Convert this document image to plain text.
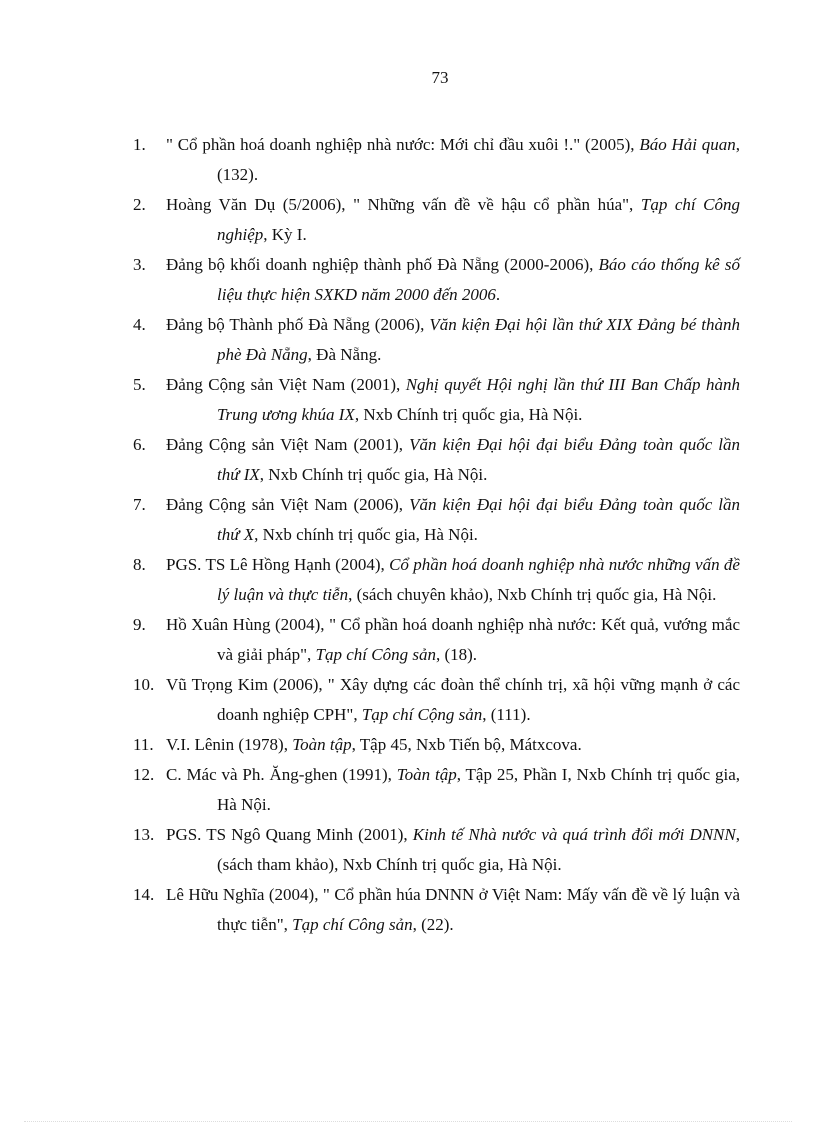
73
1. " Cổ phần hoá doanh nghiệp nhà nước: Mới chỉ đầu xuôi !." (2005), Báo Hải quan, (132).
2. Hoàng Văn Dụ (5/2006), " Những vấn đề về hậu cổ phần húa", Tạp chí Công nghiệp, Kỳ I.
3. Đảng bộ khối doanh nghiệp thành phố Đà Nẵng (2000-2006), Báo cáo thống kê số liệu thực hiện SXKD năm 2000 đến 2006.
4. Đảng bộ Thành phố Đà Nẵng (2006), Văn kiện Đại hội lần thứ XIX Đảng bé thành phè Đà Nẵng, Đà Nẵng.
5. Đảng Cộng sản Việt Nam (2001), Nghị quyết Hội nghị lần thứ III Ban Chấp hành Trung ương khúa IX, Nxb Chính trị quốc gia, Hà Nội.
6. Đảng Cộng sản Việt Nam (2001), Văn kiện Đại hội đại biểu Đảng toàn quốc lần thứ IX, Nxb Chính trị quốc gia, Hà Nội.
7. Đảng Cộng sản Việt Nam (2006), Văn kiện Đại hội đại biểu Đảng toàn quốc lần thứ X, Nxb chính trị quốc gia, Hà Nội.
8. PGS. TS Lê Hồng Hạnh (2004), Cổ phần hoá doanh nghiệp nhà nước những vấn đề lý luận và thực tiễn, (sách chuyên khảo), Nxb Chính trị quốc gia, Hà Nội.
9. Hồ Xuân Hùng (2004), " Cổ phần hoá doanh nghiệp nhà nước: Kết quả, vướng mắc và giải pháp", Tạp chí Công sản, (18).
10. Vũ Trọng Kim (2006), " Xây dựng các đoàn thể chính trị, xã hội vững mạnh ở các doanh nghiệp CPH", Tạp chí Cộng sản, (111).
11. V.I. Lênin (1978), Toàn tập, Tập 45, Nxb Tiến bộ, Mátxcova.
12. C. Mác và Ph. Ăng-ghen (1991), Toàn tập, Tập 25, Phần I, Nxb Chính trị quốc gia, Hà Nội.
13. PGS. TS Ngô Quang Minh (2001), Kinh tế Nhà nước và quá trình đổi mới DNNN, (sách tham khảo), Nxb Chính trị quốc gia, Hà Nội.
14. Lê Hữu Nghĩa (2004), " Cổ phần húa DNNN ở Việt Nam: Mấy vấn đề về lý luận và thực tiễn", Tạp chí Công sản, (22).
